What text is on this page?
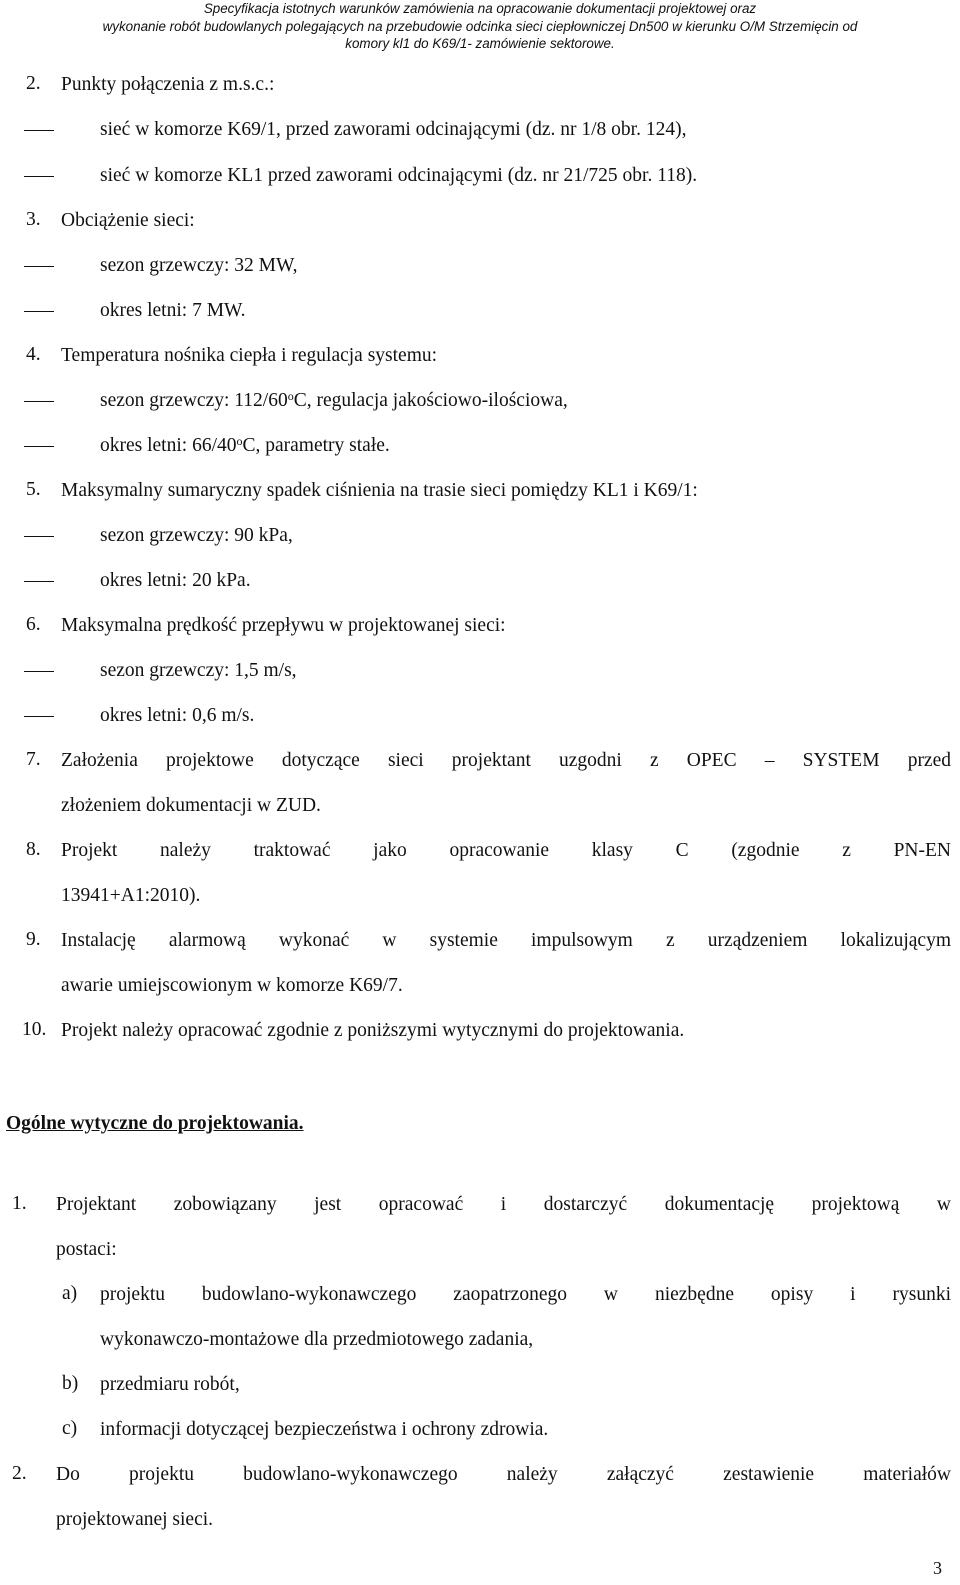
Specyfikacja istotnych warunków zamówienia na opracowanie dokumentacji projektowej oraz
wykonanie robót budowlanych polegających na przebudowie odcinka sieci ciepłowniczej Dn500 w kierunku O/M Strzemięcin od
komory kl1 do K69/1- zamówienie sektorowe.
2. Punkty połączenia z m.s.c.:
sieć w komorze K69/1, przed zaworami odcinającymi (dz. nr 1/8 obr. 124),
sieć w komorze KL1 przed zaworami odcinającymi (dz. nr 21/725 obr. 118).
3. Obciążenie sieci:
sezon grzewczy: 32 MW,
okres letni: 7 MW.
4. Temperatura nośnika ciepła i regulacja systemu:
sezon grzewczy: 112/60$^o$C, regulacja jakościowo-ilościowa,
okres letni: 66/40$^o$C, parametry stałe.
5. Maksymalny sumaryczny spadek ciśnienia na trasie sieci pomiędzy KL1 i K69/1:
sezon grzewczy: 90 kPa,
okres letni: 20 kPa.
6. Maksymalna prędkość przepływu w projektowanej sieci:
sezon grzewczy: 1,5 m/s,
okres letni: 0,6 m/s.
7. Założenia projektowe dotyczące sieci projektant uzgodni z OPEC – SYSTEM przed
złożeniem dokumentacji w ZUD.
8. Projekt należy traktować jako opracowanie klasy C (zgodnie z PN-EN
13941+A1:2010).
9. Instalację alarmową wykonać w systemie impulsowym z urządzeniem lokalizującym
awarie umiejscowionym w komorze K69/7.
10. Projekt należy opracować zgodnie z poniższymi wytycznymi do projektowania.
Ogólne wytyczne do projektowania.
1. Projektant zobowiązany jest opracować i dostarczyć dokumentację projektową w
postaci:
a) projektu budowlano-wykonawczego zaopatrzonego w niezbędne opisy i rysunki
wykonawczo-montażowe dla przedmiotowego zadania,
b) przedmiaru robót,
c) informacji dotyczącej bezpieczeństwa i ochrony zdrowia.
2. Do projektu budowlano-wykonawczego należy załączyć zestawienie materiałów
projektowanej sieci.
3
